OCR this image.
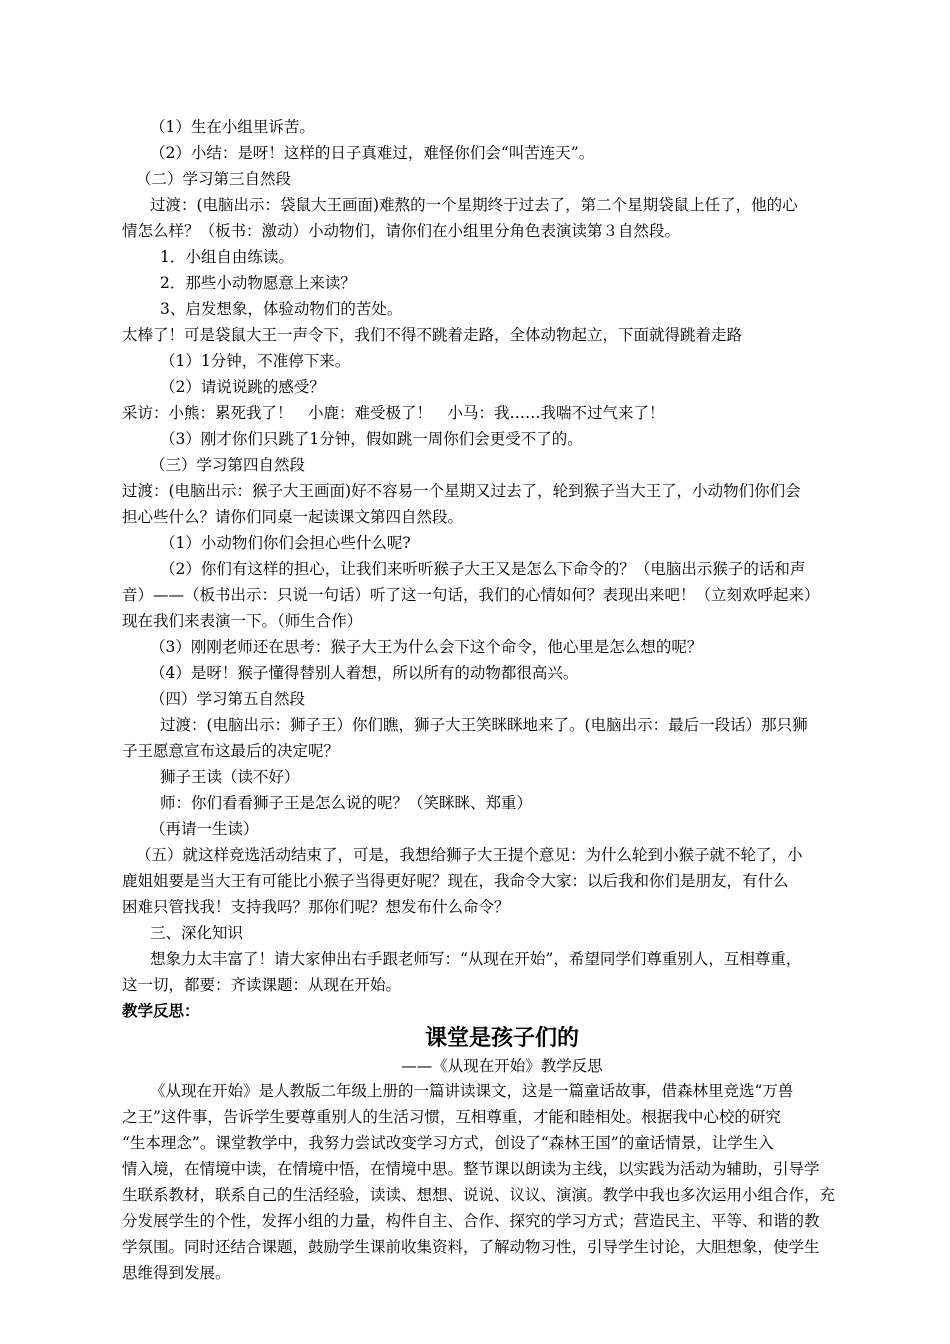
（1）生在小组里诉苦。
（2）小结：是呀！这样的日子真难过，难怪你们会“叫苦连天”。
（二）学习第三自然段
过渡：(电脑出示：袋鼠大王画面)难熬的一个星期终于过去了，第二个星期袋鼠上任了，他的心
情怎么样？（板书：激动）小动物们，请你们在小组里分角色表演读第３自然段。
1．小组自由练读。
2．那些小动物愿意上来读？
3、启发想象，体验动物们的苦处。
太棒了！可是袋鼠大王一声令下，我们不得不跳着走路，全体动物起立，下面就得跳着走路
（1）1分钟，不准停下来。
（2）请说说跳的感受？
采访：小熊：累死我了！　小鹿：难受极了！　小马：我……我喘不过气来了！
（3）刚才你们只跳了1分钟，假如跳一周你们会更受不了的。
（三）学习第四自然段
过渡：(电脑出示：猴子大王画面)好不容易一个星期又过去了，轮到猴子当大王了，小动物们你们会
担心些什么？请你们同桌一起读课文第四自然段。
（1）小动物们你们会担心些什么呢?
（2）你们有这样的担心，让我们来听听猴子大王又是怎么下命令的？（电脑出示猴子的话和声
音）——（板书出示：只说一句话）听了这一句话，我们的心情如何？表现出来吧！（立刻欢呼起来）
现在我们来表演一下。（师生合作）
（3）刚刚老师还在思考：猴子大王为什么会下这个命令，他心里是怎么想的呢？
（4）是呀！猴子懂得替别人着想，所以所有的动物都很高兴。
（四）学习第五自然段
过渡：(电脑出示：狮子王）你们瞧，狮子大王笑眯眯地来了。(电脑出示：最后一段话）那只狮
子王愿意宣布这最后的决定呢？
狮子王读（读不好）
师：你们看看狮子王是怎么说的呢？（笑眯眯、郑重）
（再请一生读）
（五）就这样竞选活动结束了，可是，我想给狮子大王提个意见：为什么轮到小猴子就不轮了，小
鹿姐姐要是当大王有可能比小猴子当得更好呢？现在，我命令大家：以后我和你们是朋友，有什么
困难只管找我！支持我吗？那你们呢？想发布什么命令？
三、深化知识
想象力太丰富了！请大家伸出右手跟老师写：“从现在开始”，希望同学们尊重别人，互相尊重，
这一切，都要：齐读课题：从现在开始。
教学反思：
课堂是孩子们的
——《从现在开始》教学反思
《从现在开始》是人教版二年级上册的一篇讲读课文，这是一篇童话故事，借森林里竞选“万兽
之王”这件事，告诉学生要尊重别人的生活习惯，互相尊重，才能和睦相处。根据我中心校的研究
“生本理念”。课堂教学中，我努力尝试改变学习方式，创设了“森林王国”的童话情景，让学生入
情入境，在情境中读，在情境中悟，在情境中思。整节课以朗读为主线，以实践为活动为辅助，引导学
生联系教材，联系自己的生活经验，读读、想想、说说、议议、演演。教学中我也多次运用小组合作，充
分发展学生的个性，发挥小组的力量，构件自主、合作、探究的学习方式；营造民主、平等、和谐的教
学氛围。同时还结合课题，鼓励学生课前收集资料，了解动物习性，引导学生讨论，大胆想象，使学生
思维得到发展。
